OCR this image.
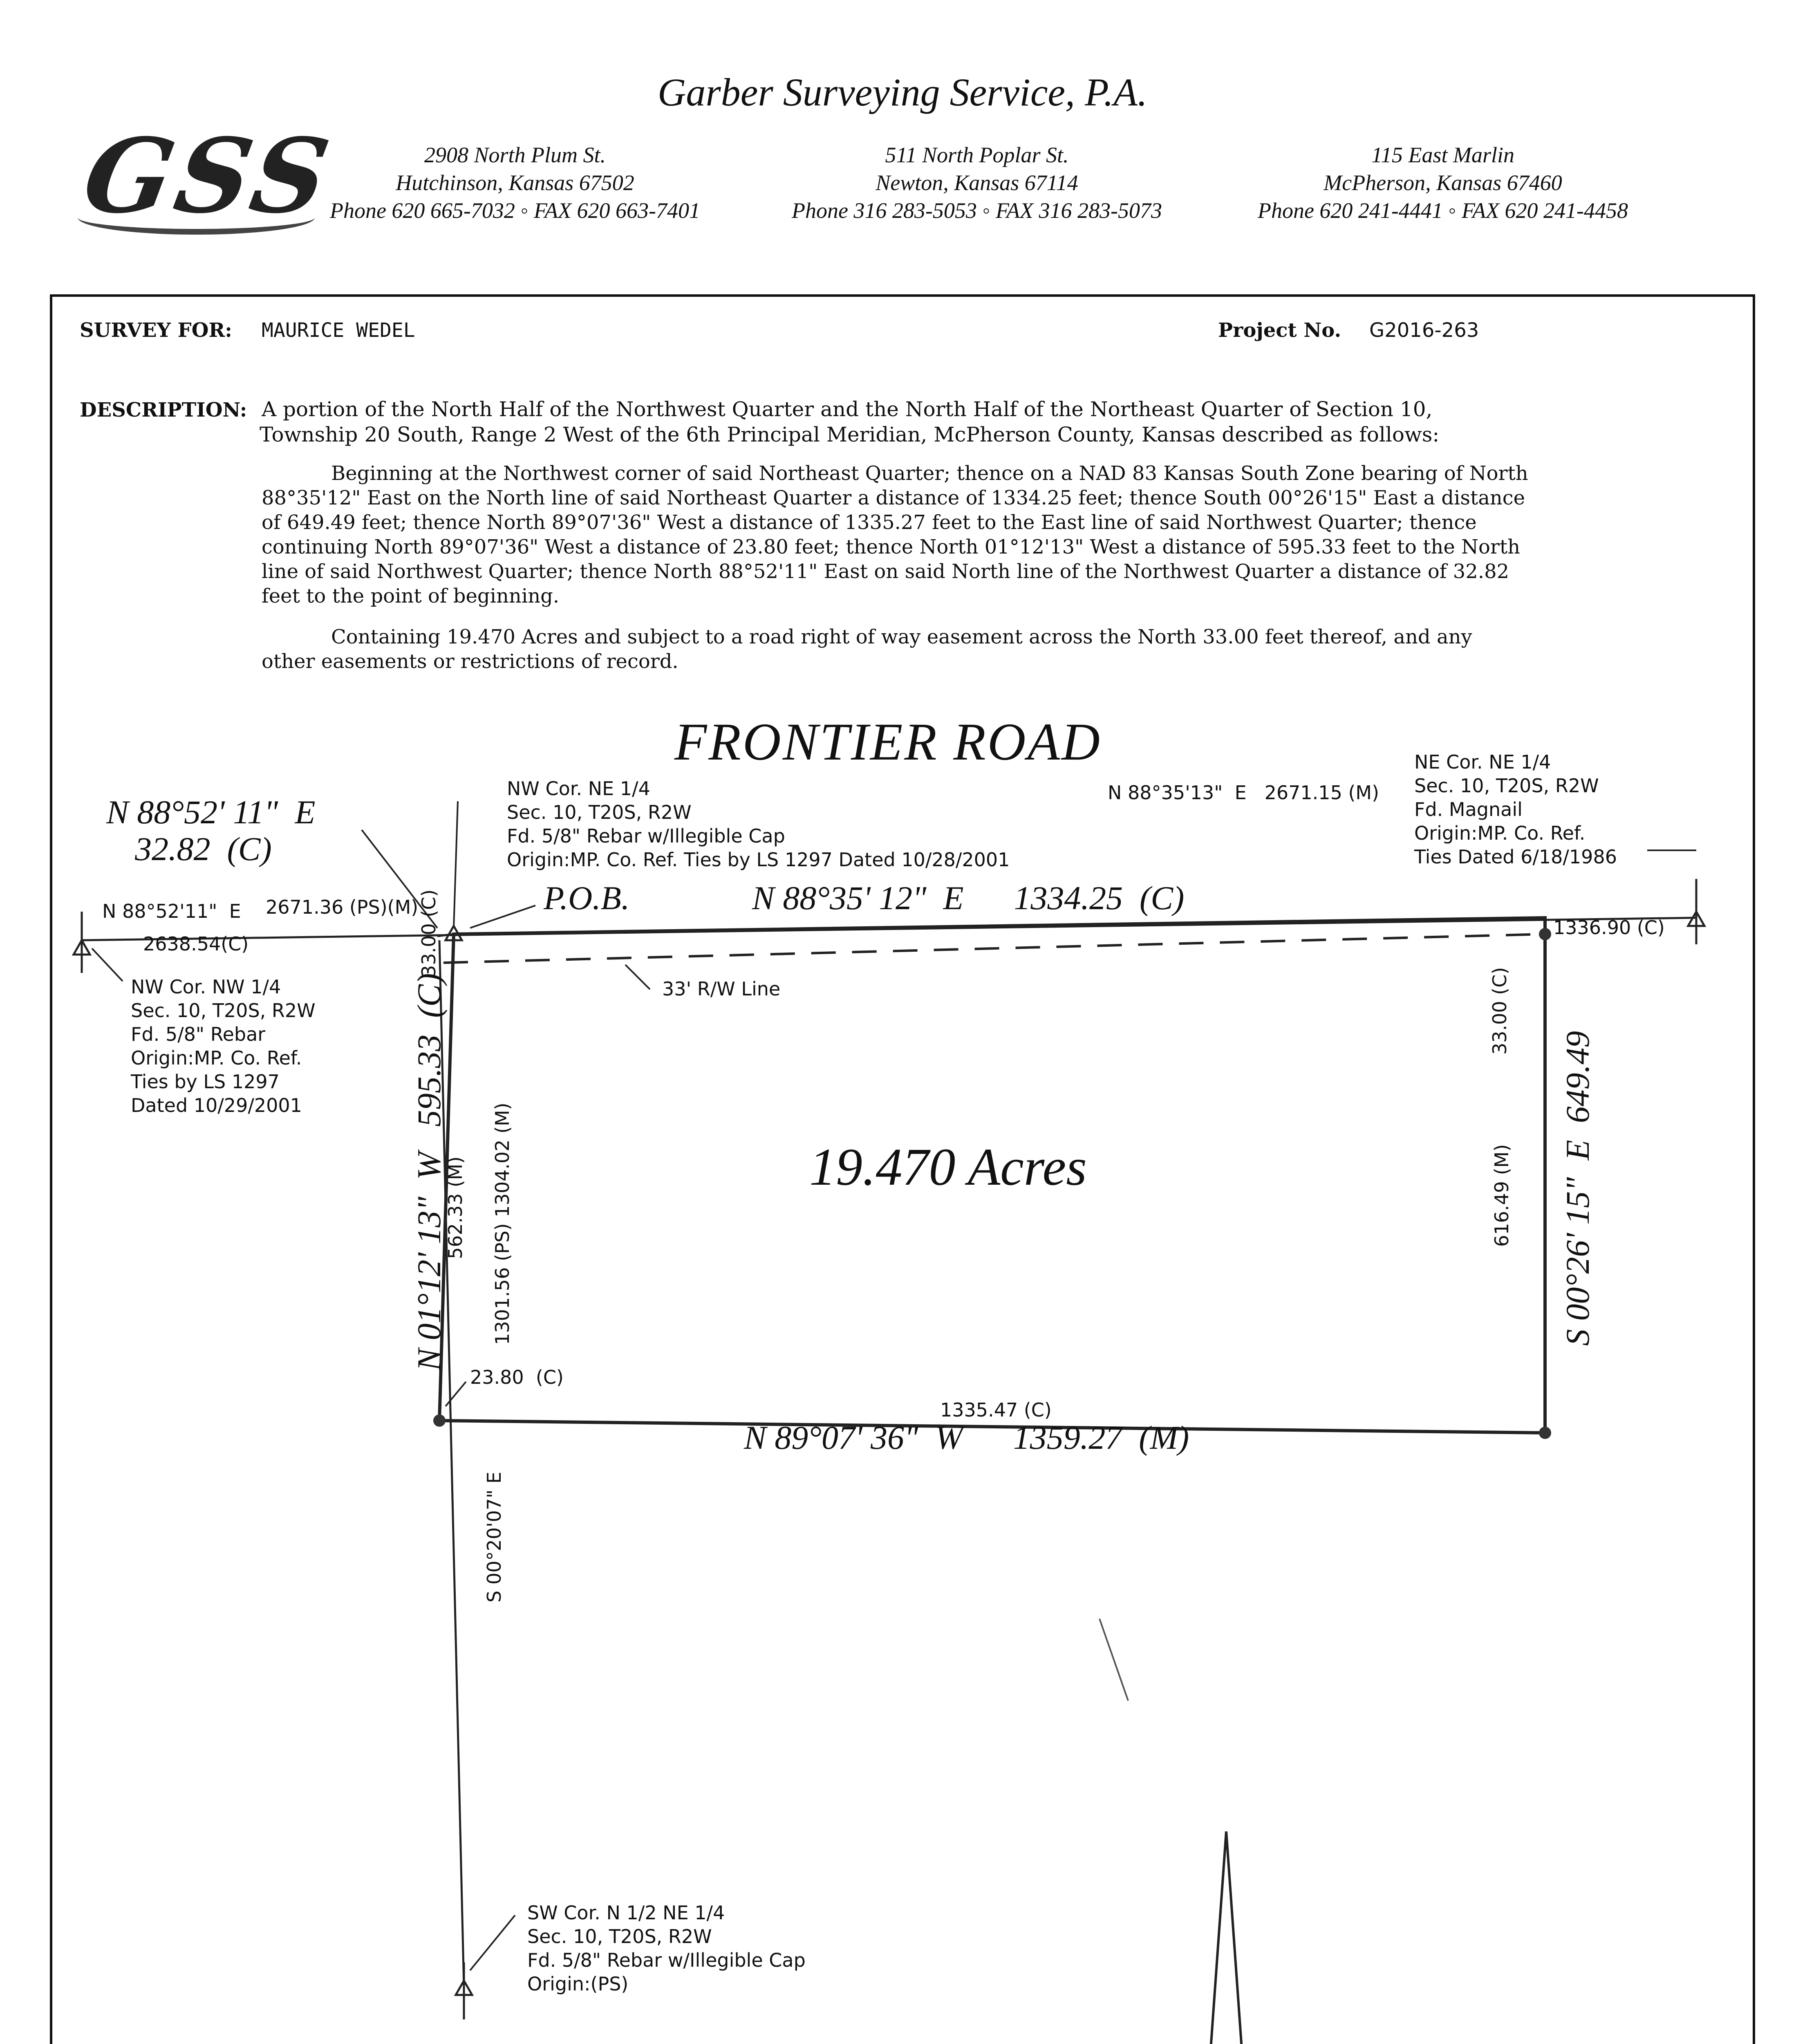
GSS
Garber Surveying Service, P.A.
2908 North Plum St.
Hutchinson, Kansas 67502
Phone 620 665-7032 ◦ FAX 620 663-7401
511 North Poplar St.
Newton, Kansas 67114
Phone 316 283-5053 ◦ FAX 316 283-5073
115 East Marlin
McPherson, Kansas 67460
Phone 620 241-4441 ◦ FAX 620 241-4458
SURVEY FOR: MAURICE WEDEL	Project No. G2016-263
DESCRIPTION: A portion of the North Half of the Northwest Quarter and the North Half of the Northeast Quarter of Section 10,
Township 20 South, Range 2 West of the 6th Principal Meridian, McPherson County, Kansas described as follows:
Beginning at the Northwest corner of said Northeast Quarter; thence on a NAD 83 Kansas South Zone bearing of North
88°35'12" East on the North line of said Northeast Quarter a distance of 1334.25 feet; thence South 00°26'15" East a distance
of 649.49 feet; thence North 89°07'36" West a distance of 1335.27 feet to the East line of said Northwest Quarter; thence
continuing North 89°07'36" West a distance of 23.80 feet; thence North 01°12'13" West a distance of 595.33 feet to the North
line of said Northwest Quarter; thence North 88°52'11" East on said North line of the Northwest Quarter a distance of 32.82
feet to the point of beginning.
Containing 19.470 Acres and subject to a road right of way easement across the North 33.00 feet thereof, and any
other easements or restrictions of record.
FRONTIER ROAD
19.470 Acres
P.O.B.	N 88°35' 12"  E      1334.25  (C)
N 89°07' 36"  W      1359.27  (M)
S 00°26' 15"  E  649.49
N 01°12' 13"  W   595.33  (C)
N 88°52' 11"  E
32.82  (C)
N 88°35'13"  E   2671.15 (M)
N 88°52'11"  E 2671.36 (PS)(M)
2638.54(C)
1336.90 (C)
33' R/W Line
1335.47 (C)
23.80  (C)
33.00 (C)
562.33 (M) 1301.56 (PS) 1304.02 (M)
33.00 (C)
616.49 (M)
S 00°20'07" E
NW Cor. NE 1/4
Sec. 10, T20S, R2W
Fd. 5/8" Rebar w/Illegible Cap
Origin:MP. Co. Ref. Ties by LS 1297 Dated 10/28/2001
NE Cor. NE 1/4
Sec. 10, T20S, R2W
Fd. Magnail
Origin:MP. Co. Ref.
Ties Dated 6/18/1986
NW Cor. NW 1/4
Sec. 10, T20S, R2W
Fd. 5/8" Rebar
Origin:MP. Co. Ref.
Ties by LS 1297
Dated 10/29/2001
SW Cor. N 1/2 NE 1/4
Sec. 10, T20S, R2W
Fd. 5/8" Rebar w/Illegible Cap
Origin:(PS)
